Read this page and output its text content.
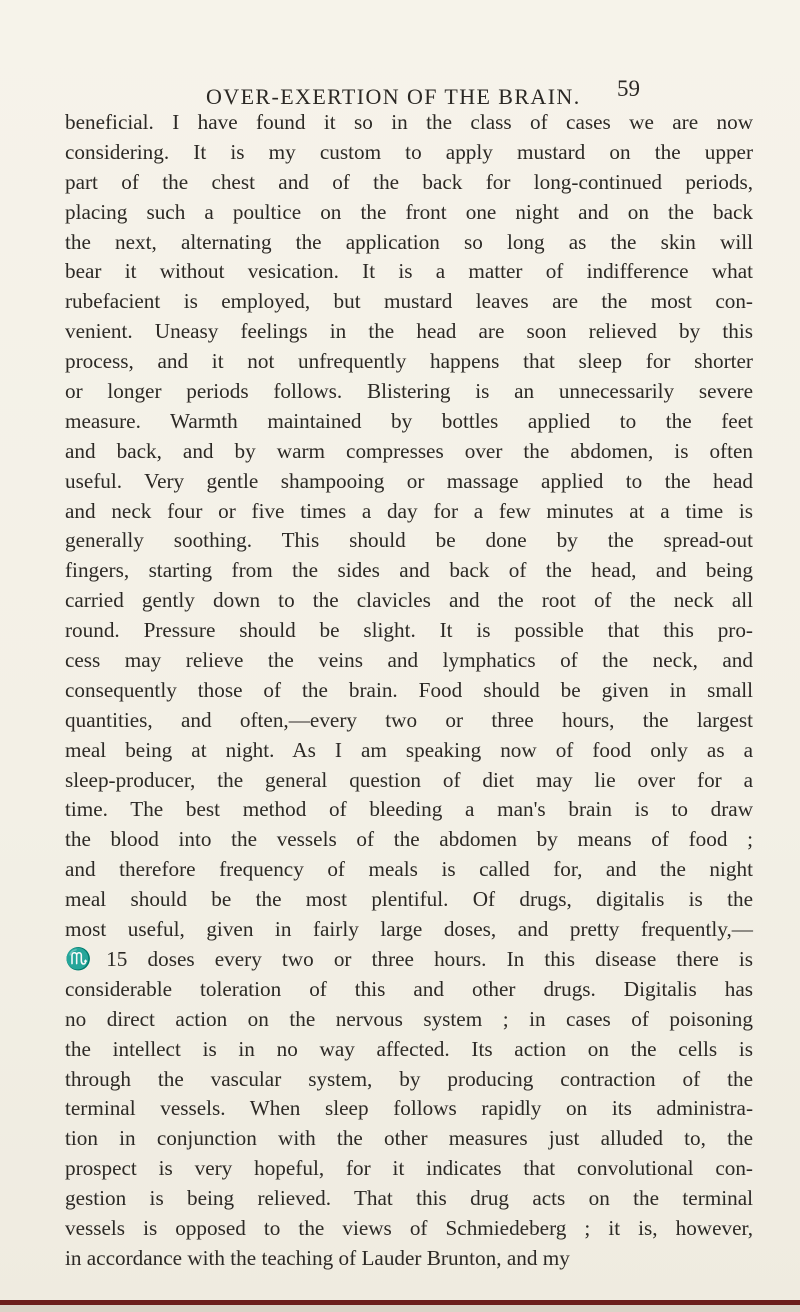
OVER-EXERTION OF THE BRAIN. 59
beneficial. I have found it so in the class of cases we are now
considering. It is my custom to apply mustard on the upper
part of the chest and of the back for long-continued periods,
placing such a poultice on the front one night and on the back
the next, alternating the application so long as the skin will
bear it without vesication. It is a matter of indifference what
rubefacient is employed, but mustard leaves are the most con-
venient. Uneasy feelings in the head are soon relieved by this
process, and it not unfrequently happens that sleep for shorter
or longer periods follows. Blistering is an unnecessarily severe
measure. Warmth maintained by bottles applied to the feet
and back, and by warm compresses over the abdomen, is often
useful. Very gentle shampooing or massage applied to the head
and neck four or five times a day for a few minutes at a time is
generally soothing. This should be done by the spread-out
fingers, starting from the sides and back of the head, and being
carried gently down to the clavicles and the root of the neck all
round. Pressure should be slight. It is possible that this pro-
cess may relieve the veins and lymphatics of the neck, and
consequently those of the brain. Food should be given in small
quantities, and often,—every two or three hours, the largest
meal being at night. As I am speaking now of food only as a
sleep-producer, the general question of diet may lie over for a
time. The best method of bleeding a man's brain is to draw
the blood into the vessels of the abdomen by means of food ;
and therefore frequency of meals is called for, and the night
meal should be the most plentiful. Of drugs, digitalis is the
most useful, given in fairly large doses, and pretty frequently,—
♏15 doses every two or three hours. In this disease there is
considerable toleration of this and other drugs. Digitalis has
no direct action on the nervous system ; in cases of poisoning
the intellect is in no way affected. Its action on the cells is
through the vascular system, by producing contraction of the
terminal vessels. When sleep follows rapidly on its administra-
tion in conjunction with the other measures just alluded to, the
prospect is very hopeful, for it indicates that convolutional con-
gestion is being relieved. That this drug acts on the terminal
vessels is opposed to the views of Schmiedeberg ; it is, however,
in accordance with the teaching of Lauder Brunton, and my
